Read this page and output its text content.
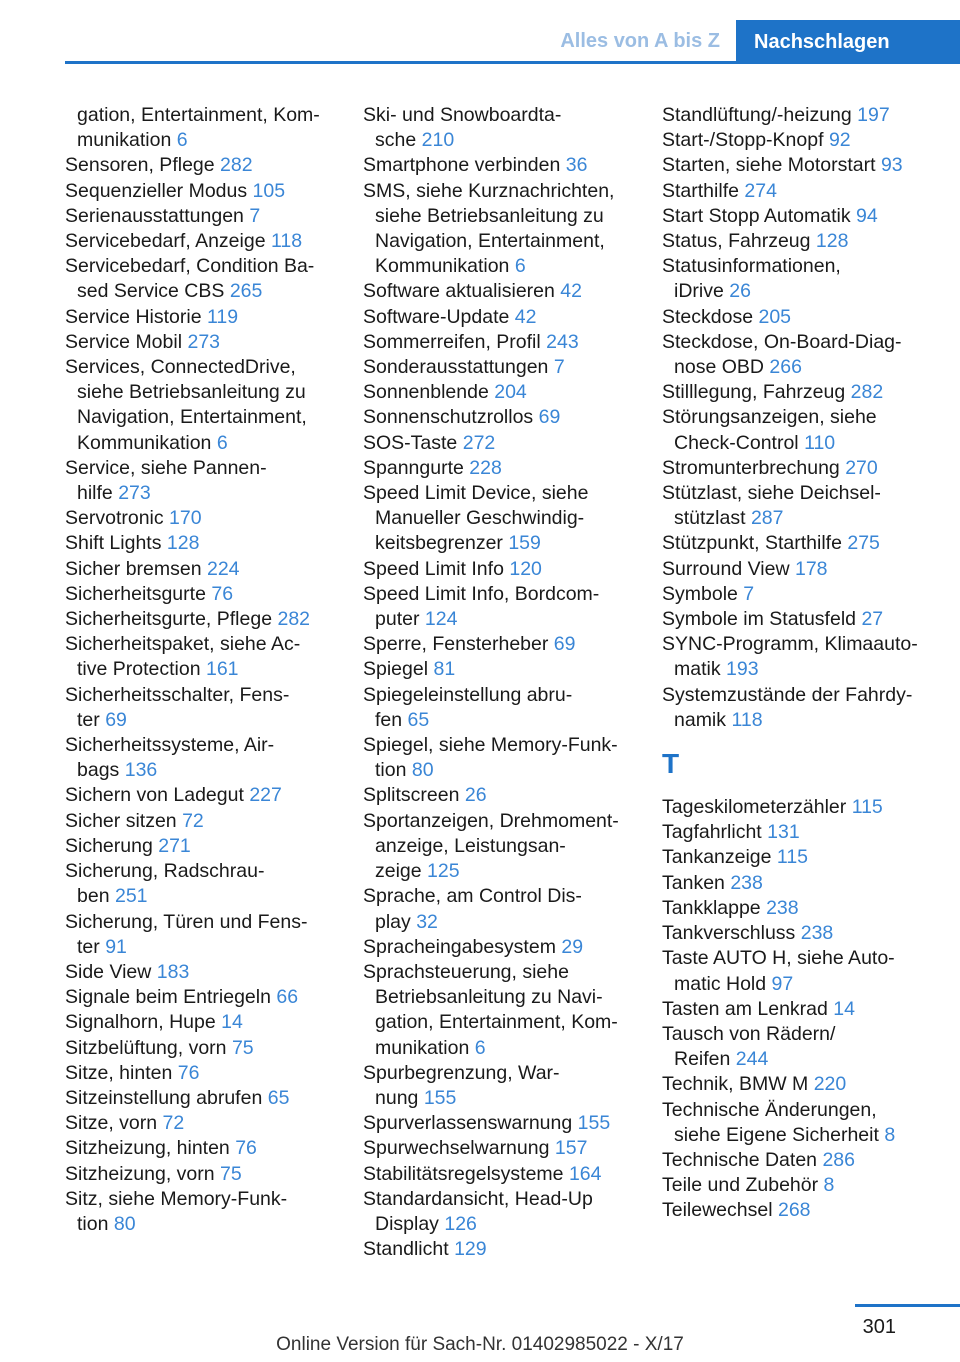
Alles von A bis Z	Nachschlagen
gation, Entertainment, Kom-
munikation 6
Sensoren, Pflege 282
Sequenzieller Modus 105
Serienausstattungen 7
Servicebedarf, Anzeige 118
Servicebedarf, Condition Ba-
sed Service CBS 265
Service Historie 119
Service Mobil 273
Services, ConnectedDrive,
siehe Betriebsanleitung zu
Navigation, Entertainment,
Kommunikation 6
Service, siehe Pannen-
hilfe 273
Servotronic 170
Shift Lights 128
Sicher bremsen 224
Sicherheitsgurte 76
Sicherheitsgurte, Pflege 282
Sicherheitspaket, siehe Ac-
tive Protection 161
Sicherheitsschalter, Fens-
ter 69
Sicherheitssysteme, Air-
bags 136
Sichern von Ladegut 227
Sicher sitzen 72
Sicherung 271
Sicherung, Radschrau-
ben 251
Sicherung, Türen und Fens-
ter 91
Side View 183
Signale beim Entriegeln 66
Signalhorn, Hupe 14
Sitzbelüftung, vorn 75
Sitze, hinten 76
Sitzeinstellung abrufen 65
Sitze, vorn 72
Sitzheizung, hinten 76
Sitzheizung, vorn 75
Sitz, siehe Memory-Funk-
tion 80
Ski- und Snowboardta-
sche 210
Smartphone verbinden 36
SMS, siehe Kurznachrichten,
siehe Betriebsanleitung zu
Navigation, Entertainment,
Kommunikation 6
Software aktualisieren 42
Software-Update 42
Sommerreifen, Profil 243
Sonderausstattungen 7
Sonnenblende 204
Sonnenschutzrollos 69
SOS-Taste 272
Spanngurte 228
Speed Limit Device, siehe
Manueller Geschwindig-
keitsbegrenzer 159
Speed Limit Info 120
Speed Limit Info, Bordcom-
puter 124
Sperre, Fensterheber 69
Spiegel 81
Spiegeleinstellung abru-
fen 65
Spiegel, siehe Memory-Funk-
tion 80
Splitscreen 26
Sportanzeigen, Drehmoment-
anzeige, Leistungsan-
zeige 125
Sprache, am Control Dis-
play 32
Spracheingabesystem 29
Sprachsteuerung, siehe
Betriebsanleitung zu Navi-
gation, Entertainment, Kom-
munikation 6
Spurbegrenzung, War-
nung 155
Spurverlassenswarnung 155
Spurwechselwarnung 157
Stabilitätsregelsysteme 164
Standardansicht, Head-Up
Display 126
Standlicht 129
Standlüftung/-heizung 197
Start-/Stopp-Knopf 92
Starten, siehe Motorstart 93
Starthilfe 274
Start Stopp Automatik 94
Status, Fahrzeug 128
Statusinformationen,
iDrive 26
Steckdose 205
Steckdose, On-Board-Diag-
nose OBD 266
Stilllegung, Fahrzeug 282
Störungsanzeigen, siehe
Check-Control 110
Stromunterbrechung 270
Stützlast, siehe Deichsel-
stützlast 287
Stützpunkt, Starthilfe 275
Surround View 178
Symbole 7
Symbole im Statusfeld 27
SYNC-Programm, Klimaauto-
matik 193
Systemzustände der Fahrdy-
namik 118
T
Tageskilometerzähler 115
Tagfahrlicht 131
Tankanzeige 115
Tanken 238
Tankklappe 238
Tankverschluss 238
Taste AUTO H, siehe Auto-
matic Hold 97
Tasten am Lenkrad 14
Tausch von Rädern/
Reifen 244
Technik, BMW M 220
Technische Änderungen,
siehe Eigene Sicherheit 8
Technische Daten 286
Teile und Zubehör 8
Teilewechsel 268
301
Online Version für Sach-Nr. 01402985022 - X/17
